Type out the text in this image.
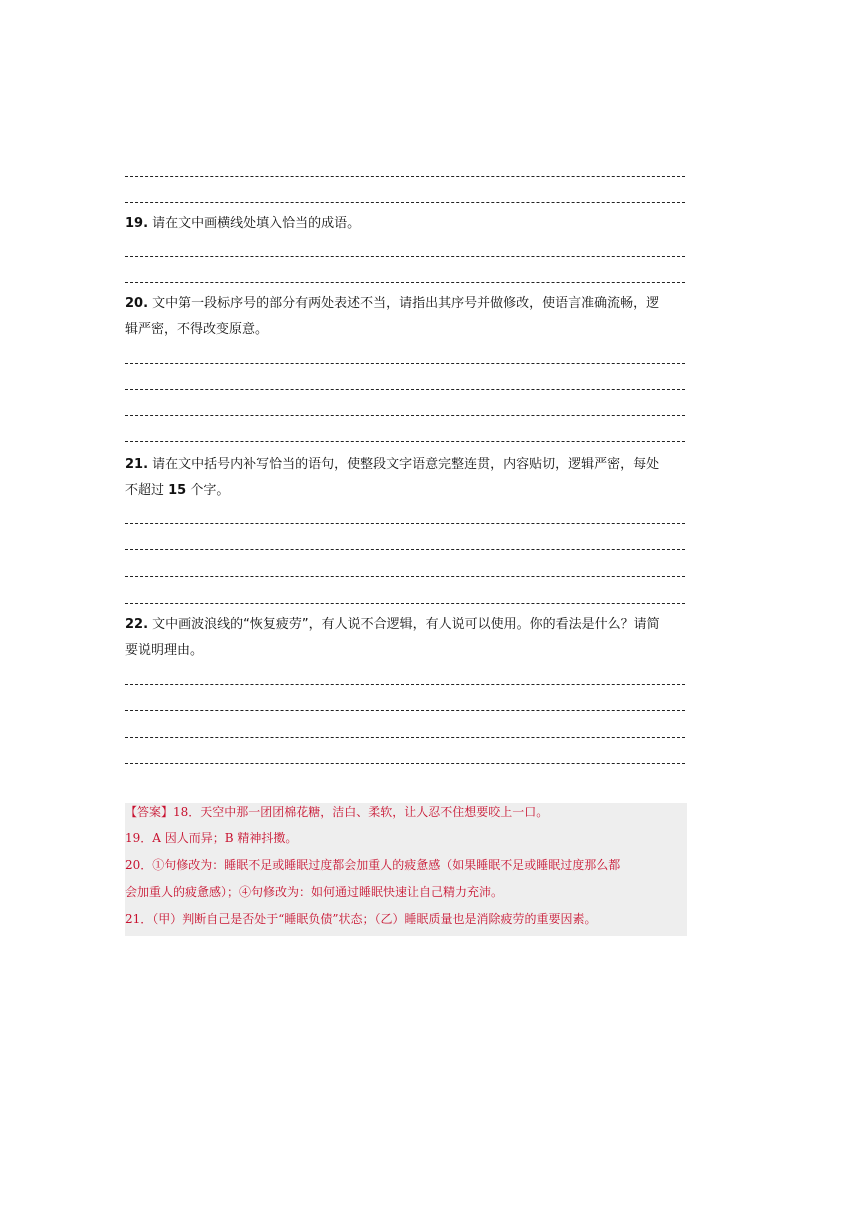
19. 请在文中画横线处填入恰当的成语。
20. 文中第一段标序号的部分有两处表述不当，请指出其序号并做修改，使语言准确流畅，逻
辑严密，不得改变原意。
21. 请在文中括号内补写恰当的语句，使整段文字语意完整连贯，内容贴切，逻辑严密，每处
不超过 15 个字。
22. 文中画波浪线的“恢复疲劳”，有人说不合逻辑，有人说可以使用。你的看法是什么？请简
要说明理由。
【答案】18．天空中那一团团棉花糖，洁白、柔软，让人忍不住想要咬上一口。
19．A 因人而异；B 精神抖擞。
20．①句修改为：睡眠不足或睡眠过度都会加重人的疲惫感（如果睡眠不足或睡眠过度那么都
会加重人的疲惫感）；④句修改为：如何通过睡眠快速让自己精力充沛。
21．（甲）判断自己是否处于“睡眠负债”状态；（乙）睡眠质量也是消除疲劳的重要因素。
